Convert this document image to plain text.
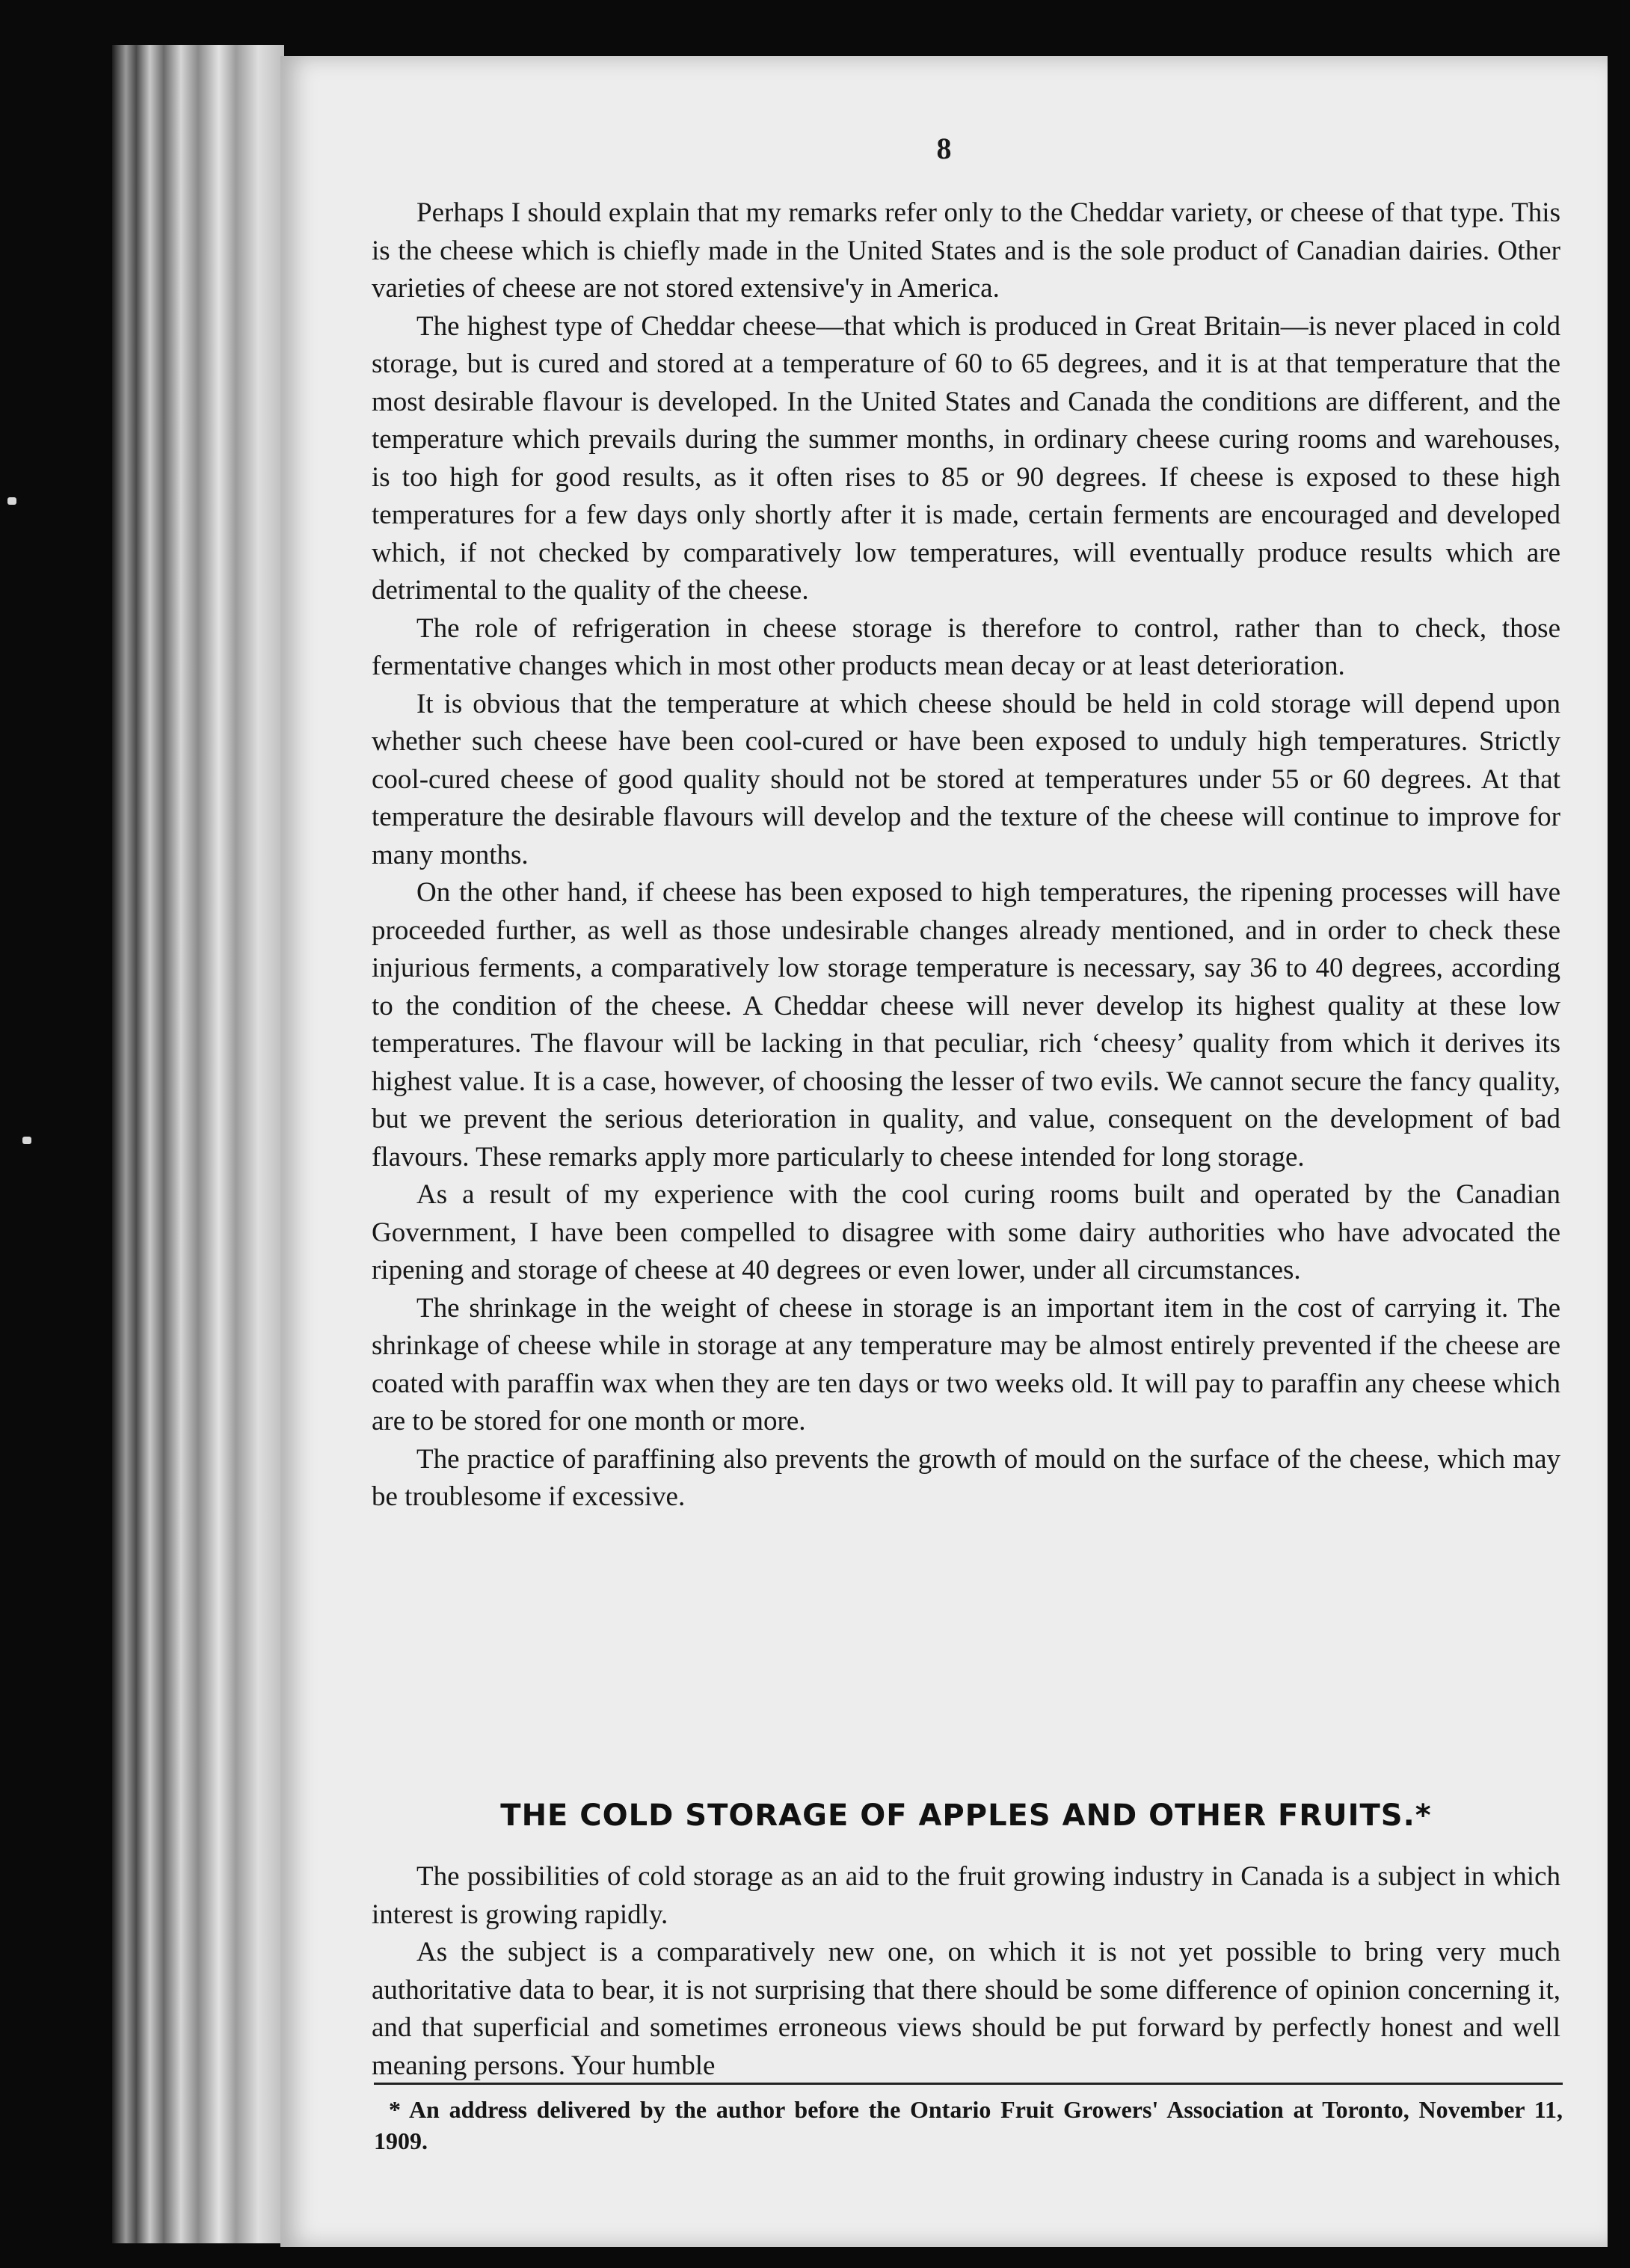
8

Perhaps I should explain that my remarks refer only to the Cheddar variety, or cheese of that type. This is the cheese which is chiefly made in the United States and is the sole product of Canadian dairies. Other varieties of cheese are not stored extensive'y in America.

The highest type of Cheddar cheese—that which is produced in Great Britain—is never placed in cold storage, but is cured and stored at a temperature of 60 to 65 degrees, and it is at that temperature that the most desirable flavour is developed. In the United States and Canada the conditions are different, and the temperature which prevails during the summer months, in ordinary cheese curing rooms and warehouses, is too high for good results, as it often rises to 85 or 90 degrees. If cheese is exposed to these high temperatures for a few days only shortly after it is made, certain ferments are encouraged and developed which, if not checked by comparatively low temperatures, will eventually produce results which are detrimental to the quality of the cheese.

The role of refrigeration in cheese storage is therefore to control, rather than to check, those fermentative changes which in most other products mean decay or at least deterioration.

It is obvious that the temperature at which cheese should be held in cold storage will depend upon whether such cheese have been cool-cured or have been exposed to unduly high temperatures. Strictly cool-cured cheese of good quality should not be stored at temperatures under 55 or 60 degrees. At that temperature the desirable flavours will develop and the texture of the cheese will continue to improve for many months.

On the other hand, if cheese has been exposed to high temperatures, the ripening processes will have proceeded further, as well as those undesirable changes already mentioned, and in order to check these injurious ferments, a comparatively low storage temperature is necessary, say 36 to 40 degrees, according to the condition of the cheese. A Cheddar cheese will never develop its highest quality at these low temperatures. The flavour will be lacking in that peculiar, rich ‘cheesy’ quality from which it derives its highest value. It is a case, however, of choosing the lesser of two evils. We cannot secure the fancy quality, but we prevent the serious deterioration in quality, and value, consequent on the development of bad flavours. These remarks apply more particularly to cheese intended for long storage.

As a result of my experience with the cool curing rooms built and operated by the Canadian Government, I have been compelled to disagree with some dairy authorities who have advocated the ripening and storage of cheese at 40 degrees or even lower, under all circumstances.

The shrinkage in the weight of cheese in storage is an important item in the cost of carrying it. The shrinkage of cheese while in storage at any temperature may be almost entirely prevented if the cheese are coated with paraffin wax when they are ten days or two weeks old. It will pay to paraffin any cheese which are to be stored for one month or more.

The practice of paraffining also prevents the growth of mould on the surface of the cheese, which may be troublesome if excessive.

THE COLD STORAGE OF APPLES AND OTHER FRUITS.*

The possibilities of cold storage as an aid to the fruit growing industry in Canada is a subject in which interest is growing rapidly.

As the subject is a comparatively new one, on which it is not yet possible to bring very much authoritative data to bear, it is not surprising that there should be some difference of opinion concerning it, and that superficial and sometimes erroneous views should be put forward by perfectly honest and well meaning persons. Your humble

* An address delivered by the author before the Ontario Fruit Growers' Association at Toronto, November 11, 1909.
